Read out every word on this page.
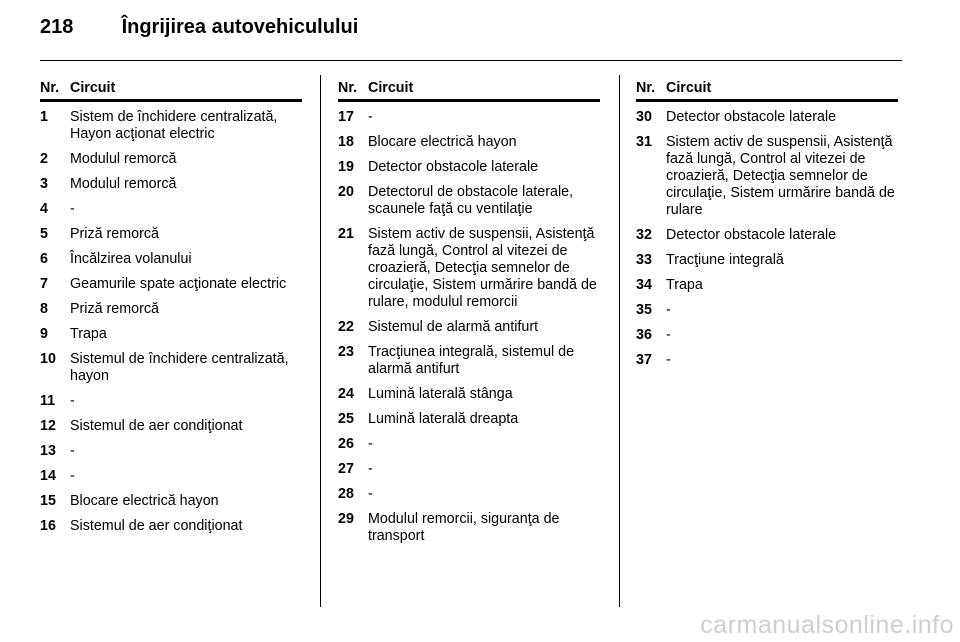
218 Îngrijirea autovehiculului
Nr. Circuit
1	Sistem de închidere centralizată, Hayon acţionat electric
2	Modulul remorcă
3	Modulul remorcă
4	-
5	Priză remorcă
6	Încălzirea volanului
7	Geamurile spate acţionate electric
8	Priză remorcă
9	Trapa
10 Sistemul de închidere centralizată, hayon
11	-
12 Sistemul de aer condiţionat
13 -
14 -
15 Blocare electrică hayon
16 Sistemul de aer condiţionat
Nr. Circuit
17 -
18 Blocare electrică hayon
19 Detector obstacole laterale
20 Detectorul de obstacole laterale, scaunele faţă cu ventilaţie
21 Sistem activ de suspensii, Asistenţă fază lungă, Control al vitezei de croazieră, Detecţia semnelor de circulaţie, Sistem urmărire bandă de rulare, modulul remorcii
22 Sistemul de alarmă antifurt
23 Tracţiunea integrală, sistemul de alarmă antifurt
24 Lumină laterală stânga
25 Lumină laterală dreapta
26 -
27 -
28 -
29 Modulul remorcii, siguranţa de transport
Nr. Circuit
30 Detector obstacole laterale
31 Sistem activ de suspensii, Asistenţă fază lungă, Control al vitezei de croazieră, Detecţia semnelor de circulaţie, Sistem urmărire bandă de rulare
32 Detector obstacole laterale
33 Tracţiune integrală
34 Trapa
35 -
36 -
37 -
carmanualsonline.info
